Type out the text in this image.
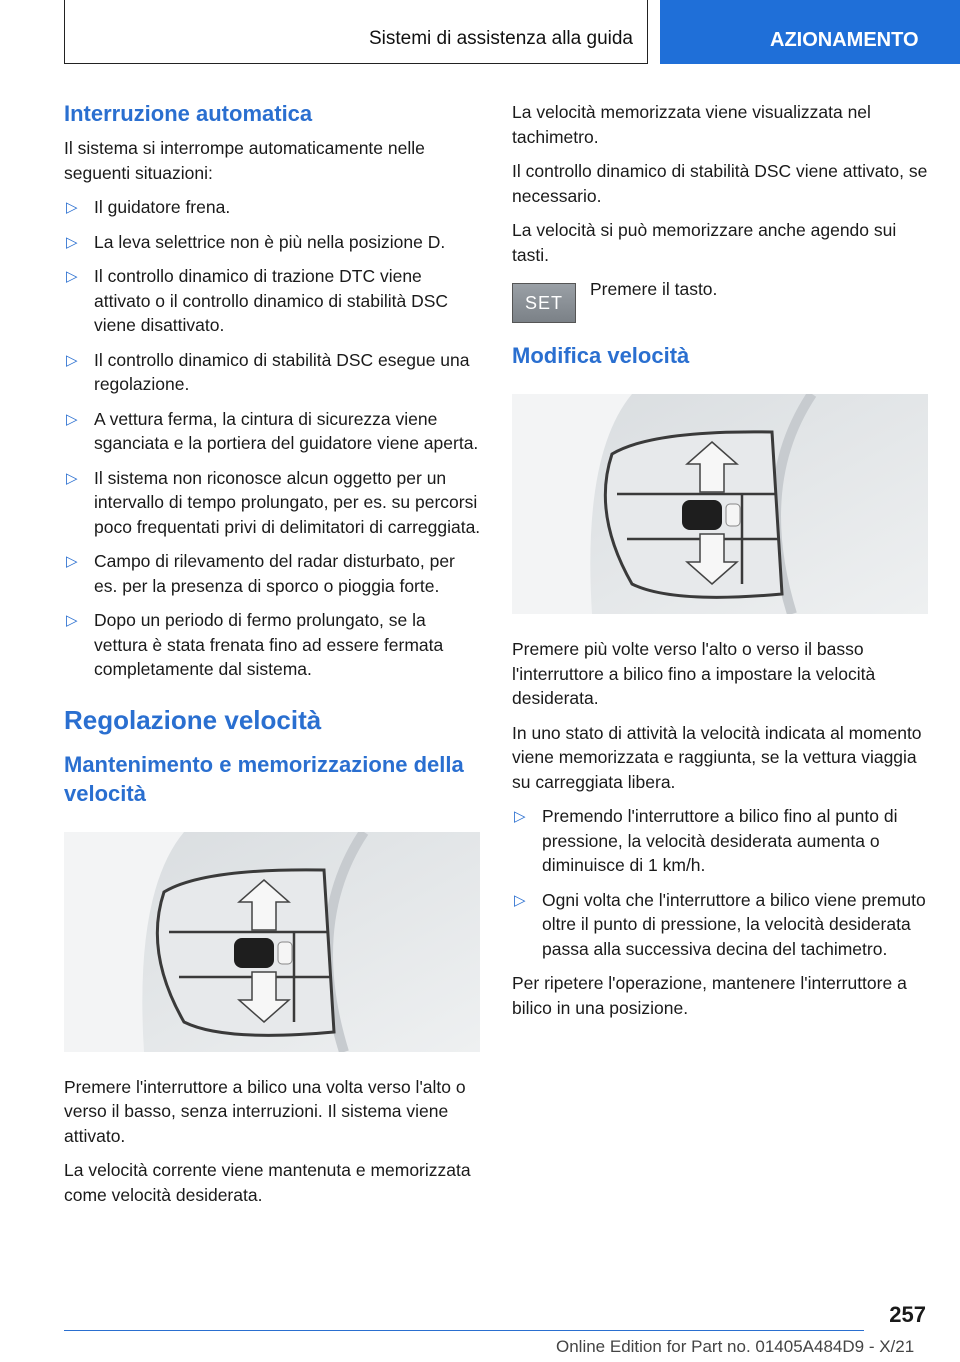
Sistemi di assistenza alla guida	AZIONAMENTO
Interruzione automatica

Il sistema si interrompe automaticamente nelle seguenti situazioni:

▷ Il guidatore frena.
▷ La leva selettrice non è più nella posizione D.
▷ Il controllo dinamico di trazione DTC viene attivato o il controllo dinamico di stabilità DSC viene disattivato.
▷ Il controllo dinamico di stabilità DSC esegue una regolazione.
▷ A vettura ferma, la cintura di sicurezza viene sganciata e la portiera del guidatore viene aperta.
▷ Il sistema non riconosce alcun oggetto per un intervallo di tempo prolungato, per es. su percorsi poco frequentati privi di delimitatori di carreggiata.
▷ Campo di rilevamento del radar disturbato, per es. per la presenza di sporco o pioggia forte.
▷ Dopo un periodo di fermo prolungato, se la vettura è stata frenata fino ad essere fermata completamente dal sistema.
Regolazione velocità
Mantenimento e memorizzazione della velocità

Premere l'interruttore a bilico una volta verso l'alto o verso il basso, senza interruzioni. Il sistema viene attivato.

La velocità corrente viene mantenuta e memorizzata come velocità desiderata.

La velocità memorizzata viene visualizzata nel tachimetro.

Il controllo dinamico di stabilità DSC viene attivato, se necessario.

La velocità si può memorizzare anche agendo sui tasti.

SET
Premere il tasto.
Modifica velocità

Premere più volte verso l'alto o verso il basso l'interruttore a bilico fino a impostare la velocità desiderata.

In uno stato di attività la velocità indicata al momento viene memorizzata e raggiunta, se la vettura viaggia su carreggiata libera.

▷ Premendo l'interruttore a bilico fino al punto di pressione, la velocità desiderata aumenta o diminuisce di 1 km/h.
▷ Ogni volta che l'interruttore a bilico viene premuto oltre il punto di pressione, la velocità desiderata passa alla successiva decina del tachimetro.

Per ripetere l'operazione, mantenere l'interruttore a bilico in una posizione.

257
Online Edition for Part no. 01405A484D9 - X/21
